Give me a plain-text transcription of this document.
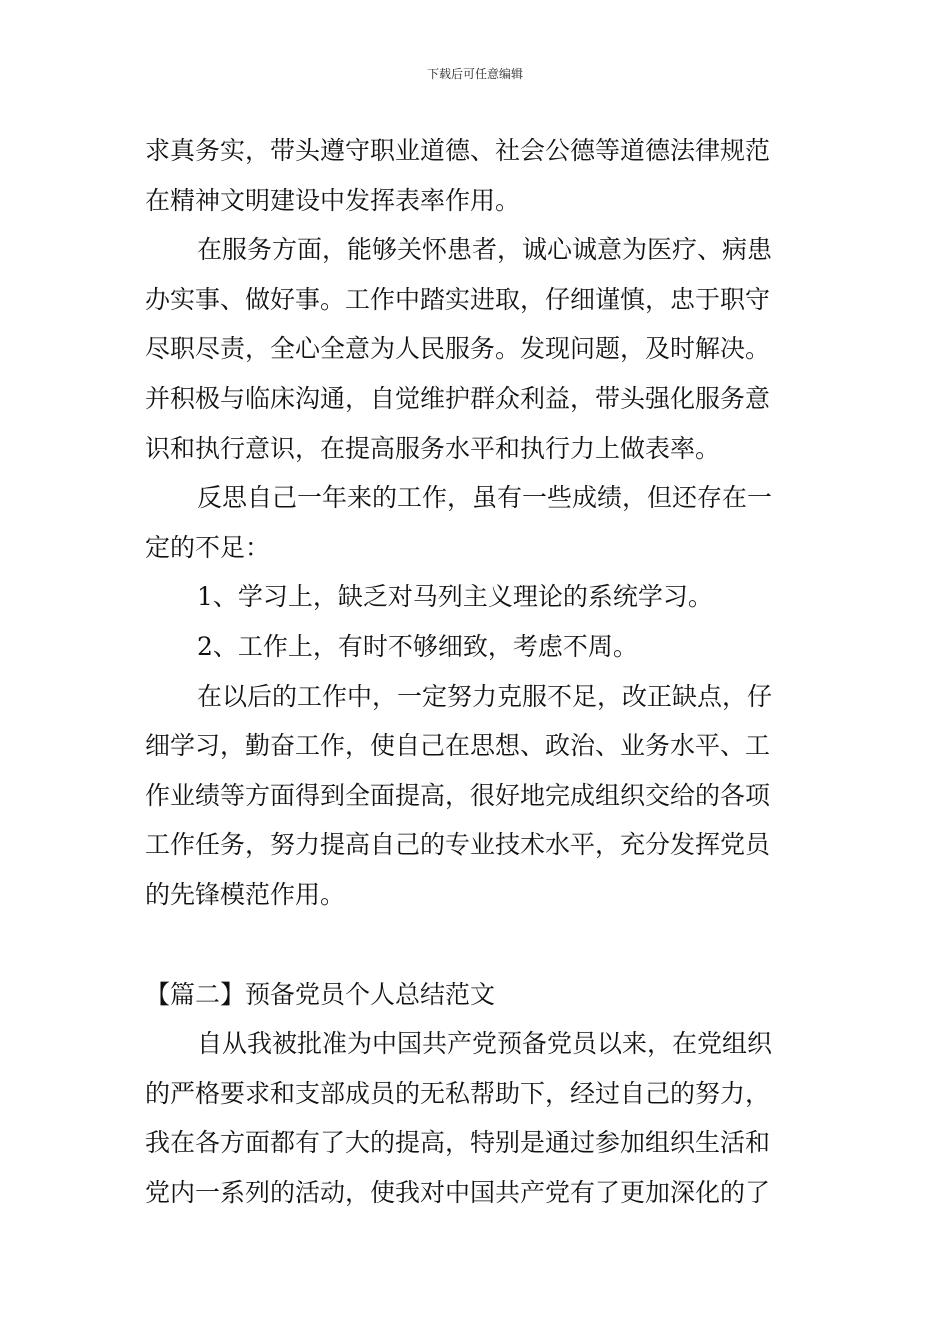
下载后可任意编辑
求真务实，带头遵守职业道德、社会公德等道德法律规范
在精神文明建设中发挥表率作用。
在服务方面，能够关怀患者，诚心诚意为医疗、病患
办实事、做好事。工作中踏实进取，仔细谨慎，忠于职守
尽职尽责，全心全意为人民服务。发现问题，及时解决。
并积极与临床沟通，自觉维护群众利益，带头强化服务意
识和执行意识，在提高服务水平和执行力上做表率。
反思自己一年来的工作，虽有一些成绩，但还存在一
定的不足：
1、学习上，缺乏对马列主义理论的系统学习。
2、工作上，有时不够细致，考虑不周。
在以后的工作中，一定努力克服不足，改正缺点，仔
细学习，勤奋工作，使自己在思想、政治、业务水平、工
作业绩等方面得到全面提高，很好地完成组织交给的各项
工作任务，努力提高自己的专业技术水平，充分发挥党员
的先锋模范作用。
【篇二】预备党员个人总结范文
自从我被批准为中国共产党预备党员以来，在党组织
的严格要求和支部成员的无私帮助下，经过自己的努力，
我在各方面都有了大的提高，特别是通过参加组织生活和
党内一系列的活动，使我对中国共产党有了更加深化的了
